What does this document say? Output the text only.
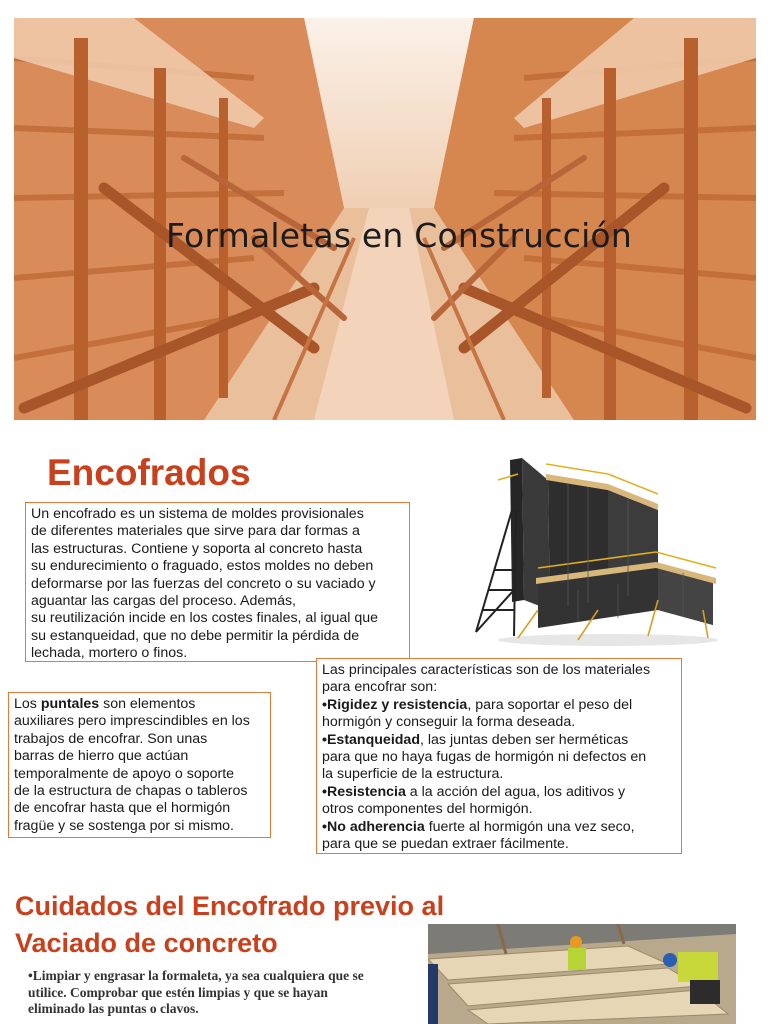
Formaletas en Construcción
Encofrados

Un encofrado es un sistema de moldes provisionales

de diferentes materiales que sirve para dar formas a

las estructuras. Contiene y soporta al concreto hasta

su endurecimiento o fraguado, estos moldes no deben

deformarse por las fuerzas del concreto o su vaciado y

aguantar las cargas del proceso. Además,

su reutilización incide en los costes finales, al igual que

su estanqueidad, que no debe permitir la pérdida de

lechada, mortero o finos.

Los puntales son elementos

auxiliares pero imprescindibles en los

trabajos de encofrar. Son unas

barras de hierro que actúan

temporalmente de apoyo o soporte

de la estructura de chapas o tableros

de encofrar hasta que el hormigón

fragüe y se sostenga por si mismo.

Las principales características son de los materiales

para encofrar son:

•Rigidez y resistencia, para soportar el peso del

hormigón y conseguir la forma deseada.

•Estanqueidad, las juntas deben ser herméticas

para que no haya fugas de hormigón ni defectos en

la superficie de la estructura.

•Resistencia a la acción del agua, los aditivos y

otros componentes del hormigón.

•No adherencia fuerte al hormigón una vez seco,

para que se puedan extraer fácilmente.

Cuidados del Encofrado previo al
Vaciado de concreto
•Limpiar y engrasar la formaleta, ya sea cualquiera que se
utilice. Comprobar que estén limpias y que se hayan
eliminado las puntas o clavos.
